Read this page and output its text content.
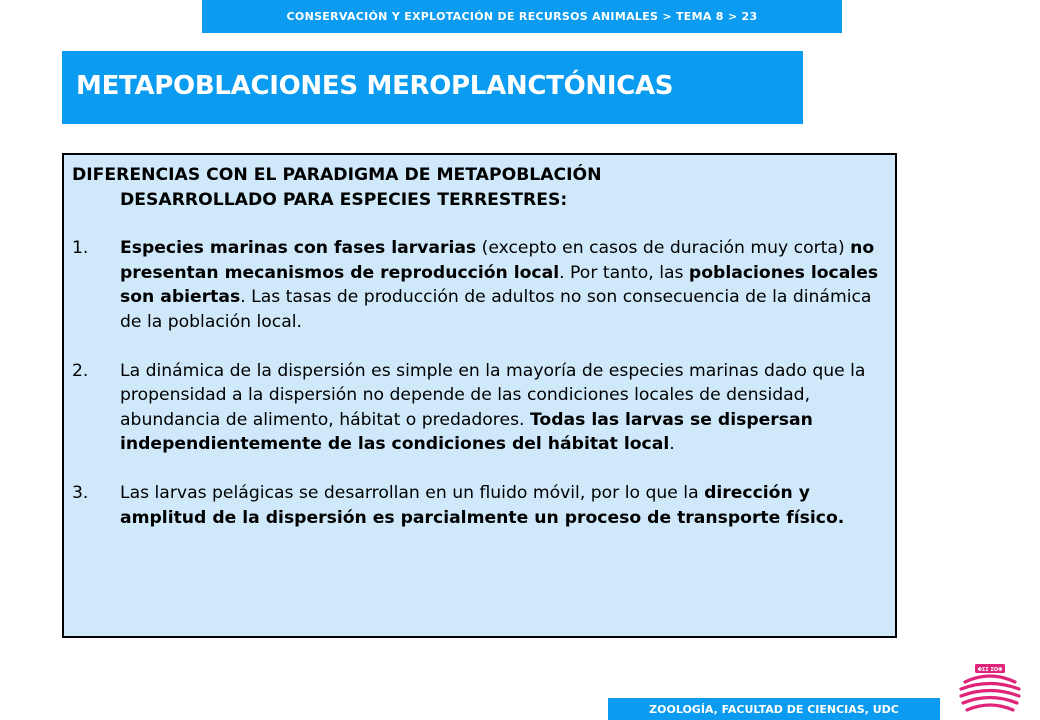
CONSERVACIÓN Y EXPLOTACIÓN DE RECURSOS ANIMALES > TEMA 8 > 23
METAPOBLACIONES MEROPLANCTÓNICAS
DIFERENCIAS CON EL PARADIGMA DE METAPOBLACIÓN
DESARROLLADO PARA ESPECIES TERRESTRES:
1.	Especies marinas con fases larvarias (excepto en casos de duración muy corta) no presentan mecanismos de reproducción local. Por tanto, las poblaciones locales son abiertas. Las tasas de producción de adultos no son consecuencia de la dinámica de la población local.
2.	La dinámica de la dispersión es simple en la mayoría de especies marinas dado que la propensidad a la dispersión no depende de las condiciones locales de densidad, abundancia de alimento, hábitat o predadores. Todas las larvas se dispersan independientemente de las condiciones del hábitat local.
3.	Las larvas pelágicas se desarrollan en un fluido móvil, por lo que la dirección y amplitud de la dispersión es parcialmente un proceso de transporte físico.
ZOOLOGÍA, FACULTAD DE CIENCIAS, UDC
ΦΣΣ ΣΟΦ
